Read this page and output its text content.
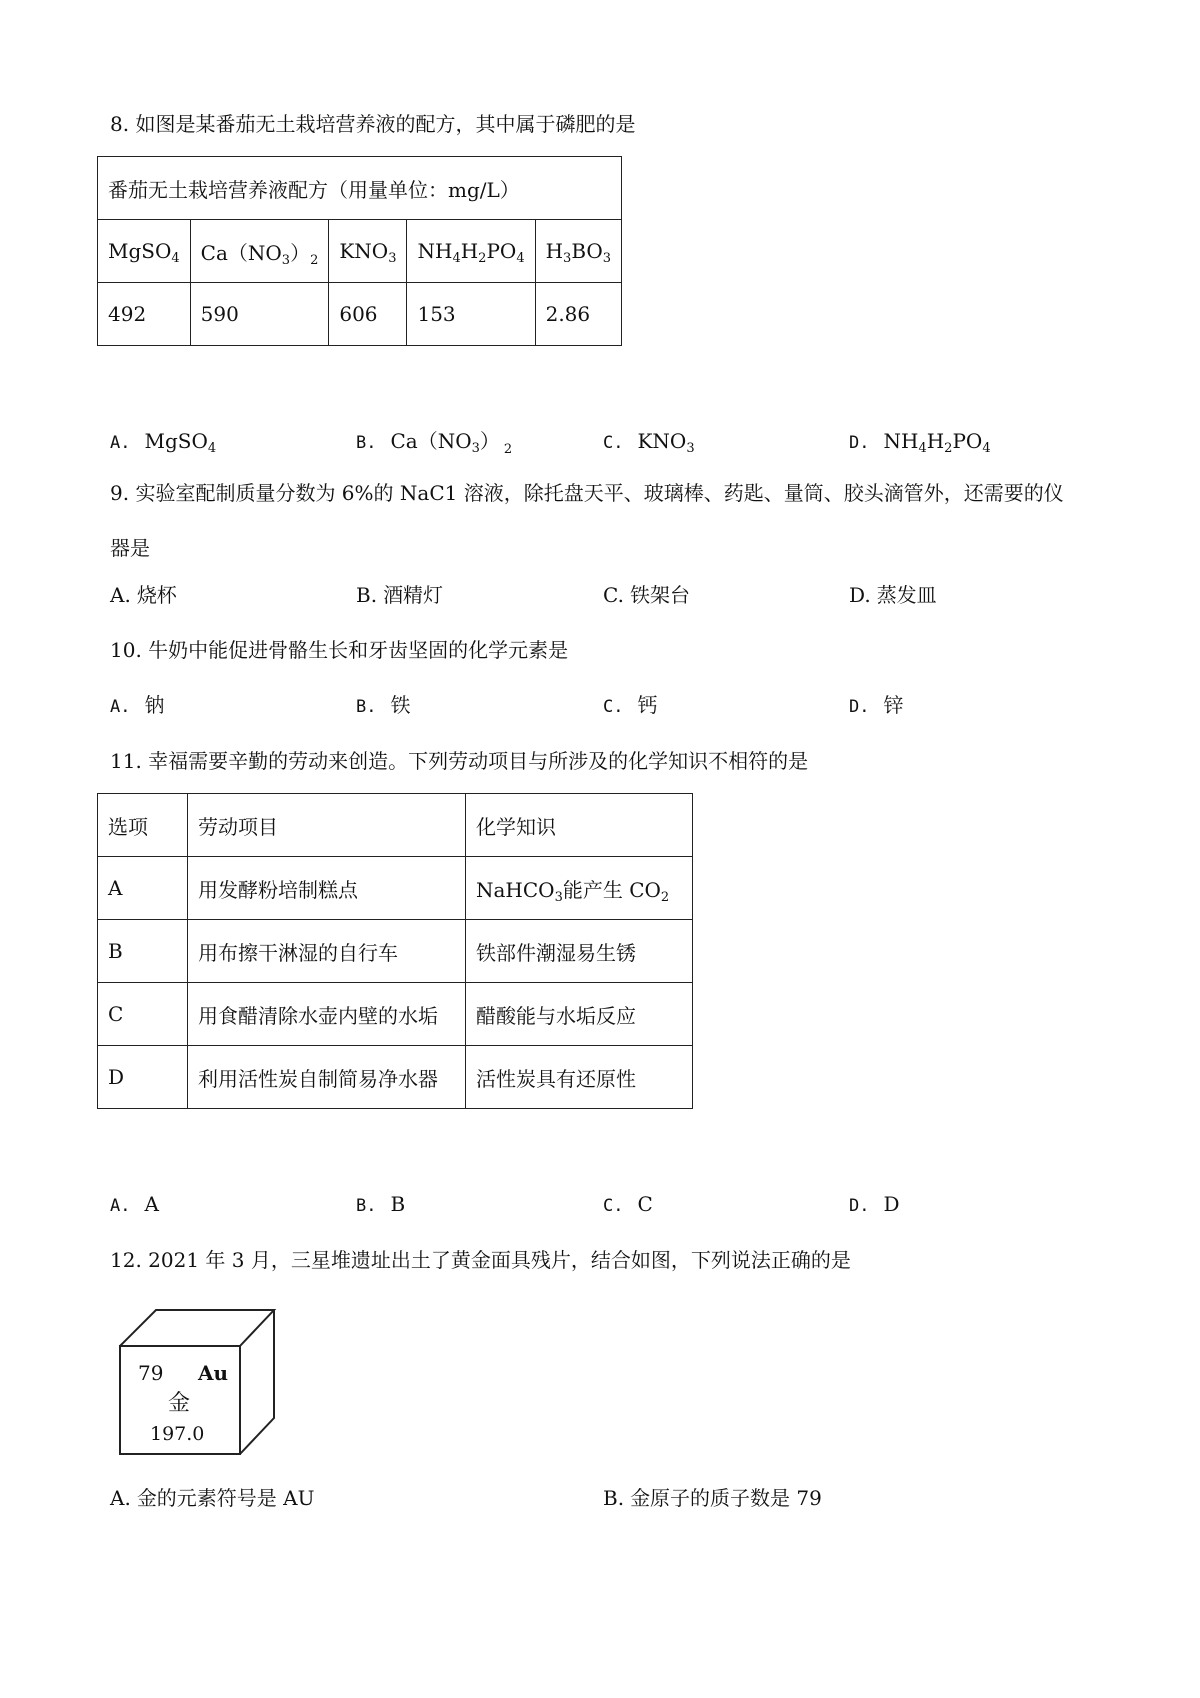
8. 如图是某番茄无土栽培营养液的配方，其中属于磷肥的是
番茄无土栽培营养液配方（用量单位：mg/L）				
MgSO$_4$	$Ca(NO_3)_2$	$KNO_3$	$NH_4H_2PO_4$	$H_3BO_3$
492	590	606	153	2.86
A. MgSO$_4$	B. $Ca(NO_3)$ $_2$	C. $KNO_3$	D. $NH_4H_2PO_4$
9. 实验室配制质量分数为 6%的 NaC1 溶液，除托盘天平、玻璃棒、药匙、量筒、胶头滴管外，还需要的仪
器是
A. 烧杯	B. 酒精灯	C. 铁架台	D. 蒸发皿
10. 牛奶中能促进骨骼生长和牙齿坚固的化学元素是
A. 钠	B. 铁	C. 钙	D. 锌
11. 幸福需要辛勤的劳动来创造。下列劳动项目与所涉及的化学知识不相符的是
选项	劳动项目	化学知识
A	用发酵粉培制糕点	NaHCO$_3$能产生 $CO_2$
B	用布擦干淋湿的自行车	铁部件潮湿易生锈
C	用食醋清除水壶内壁的水垢	醋酸能与水垢反应
D	利用活性炭自制简易净水器	活性炭具有还原性
A. A	B. B	C. C	D. D
12. 2021 年 3 月，三星堆遗址出土了黄金面具残片，结合如图，下列说法正确的是
79 Au
金
197.0
A. 金的元素符号是 AU	B. 金原子的质子数是 79
